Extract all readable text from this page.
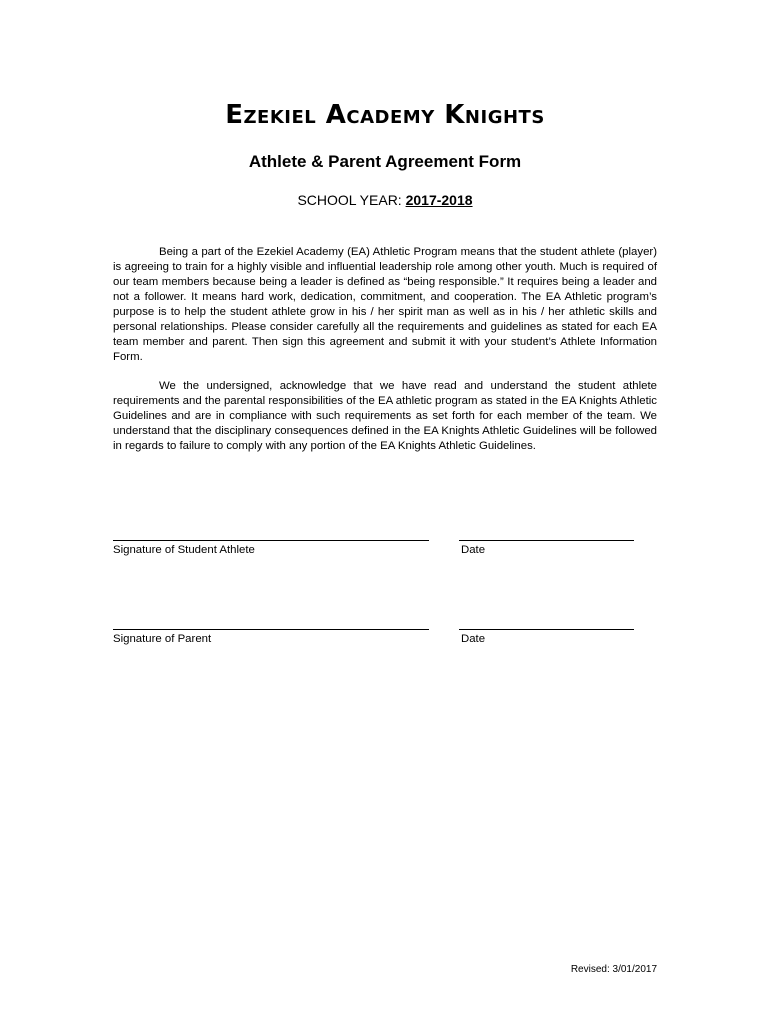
Ezekiel Academy Knights
Athlete & Parent Agreement Form
SCHOOL YEAR: 2017-2018

Being a part of the Ezekiel Academy (EA) Athletic Program means that the student athlete (player) is agreeing to train for a highly visible and influential leadership role among other youth. Much is required of our team members because being a leader is defined as “being responsible.” It requires being a leader and not a follower. It means hard work, dedication, commitment, and cooperation. The EA Athletic program’s purpose is to help the student athlete grow in his / her spirit man as well as in his / her athletic skills and personal relationships. Please consider carefully all the requirements and guidelines as stated for each EA team member and parent. Then sign this agreement and submit it with your student’s Athlete Information Form.

We the undersigned, acknowledge that we have read and understand the student athlete requirements and the parental responsibilities of the EA athletic program as stated in the EA Knights Athletic Guidelines and are in compliance with such requirements as set forth for each member of the team. We understand that the disciplinary consequences defined in the EA Knights Athletic Guidelines will be followed in regards to failure to comply with any portion of the EA Knights Athletic Guidelines.

Signature of Student Athlete	Date
Signature of Parent	Date
Revised: 3/01/2017
